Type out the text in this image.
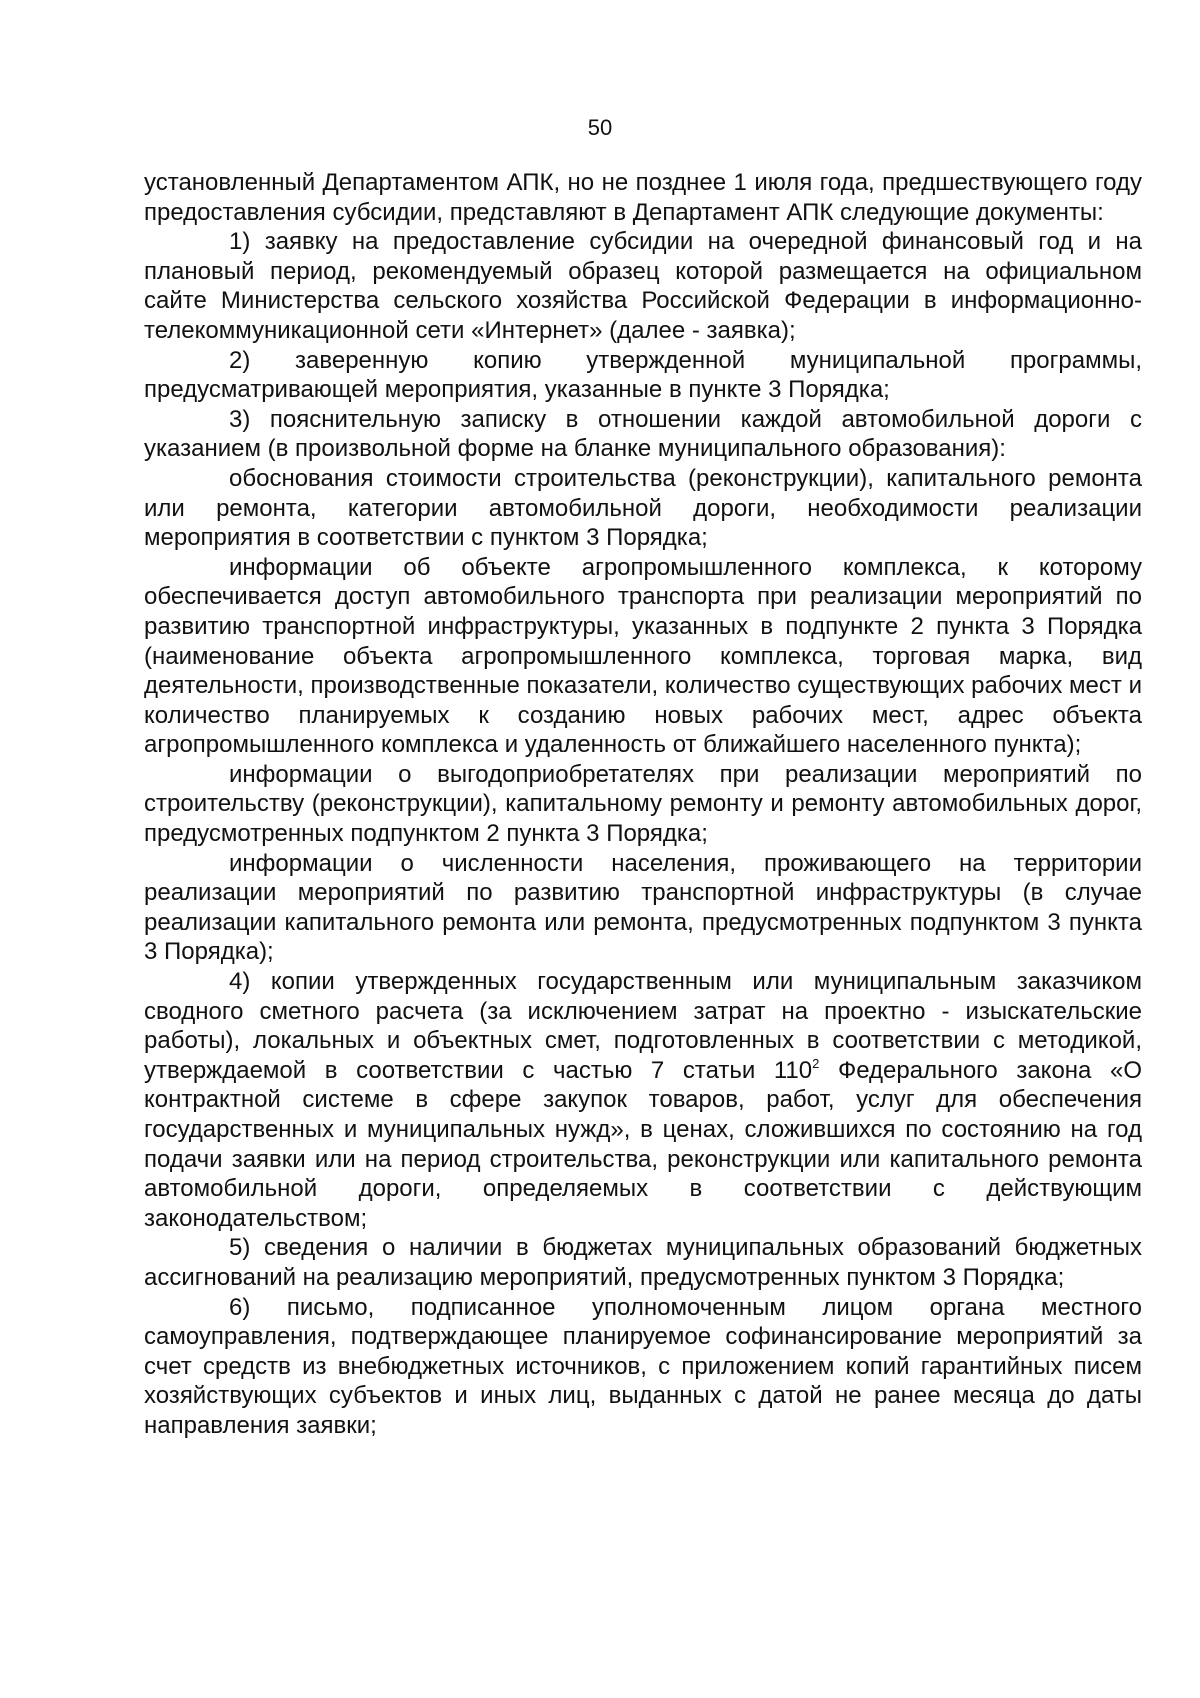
50

установленный Департаментом АПК, но не позднее 1 июля года, предшествующего году предоставления субсидии, представляют в Департамент АПК следующие документы:

1) заявку на предоставление субсидии на очередной финансовый год и на плановый период, рекомендуемый образец которой размещается на официальном сайте Министерства сельского хозяйства Российской Федерации в информационно-телекоммуникационной сети «Интернет» (далее - заявка);

2) заверенную копию утвержденной муниципальной программы, предусматривающей мероприятия, указанные в пункте 3 Порядка;

3) пояснительную записку в отношении каждой автомобильной дороги с указанием (в произвольной форме на бланке муниципального образования):

обоснования стоимости строительства (реконструкции), капитального ремонта или ремонта, категории автомобильной дороги, необходимости реализации мероприятия в соответствии с пунктом 3 Порядка;

информации об объекте агропромышленного комплекса, к которому обеспечивается доступ автомобильного транспорта при реализации мероприятий по развитию транспортной инфраструктуры, указанных в подпункте 2 пункта 3 Порядка (наименование объекта агропромышленного комплекса, торговая марка, вид деятельности, производственные показатели, количество существующих рабочих мест и количество планируемых к созданию новых рабочих мест, адрес объекта агропромышленного комплекса и удаленность от ближайшего населенного пункта);

информации о выгодоприобретателях при реализации мероприятий по строительству (реконструкции), капитальному ремонту и ремонту автомобильных дорог, предусмотренных подпунктом 2 пункта 3 Порядка;

информации о численности населения, проживающего на территории реализации мероприятий по развитию транспортной инфраструктуры (в случае реализации капитального ремонта или ремонта, предусмотренных подпунктом 3 пункта 3 Порядка);

4) копии утвержденных государственным или муниципальным заказчиком сводного сметного расчета (за исключением затрат на проектно - изыскательские работы), локальных и объектных смет, подготовленных в соответствии с методикой, утверждаемой в соответствии с частью 7 статьи $110^2$ Федерального закона «О контрактной системе в сфере закупок товаров, работ, услуг для обеспечения государственных и муниципальных нужд», в ценах, сложившихся по состоянию на год подачи заявки или на период строительства, реконструкции или капитального ремонта автомобильной дороги, определяемых в соответствии с действующим законодательством;

5) сведения о наличии в бюджетах муниципальных образований бюджетных ассигнований на реализацию мероприятий, предусмотренных пунктом 3 Порядка;

6) письмо, подписанное уполномоченным лицом органа местного самоуправления, подтверждающее планируемое софинансирование мероприятий за счет средств из внебюджетных источников, с приложением копий гарантийных писем хозяйствующих субъектов и иных лиц, выданных с датой не ранее месяца до даты направления заявки;
